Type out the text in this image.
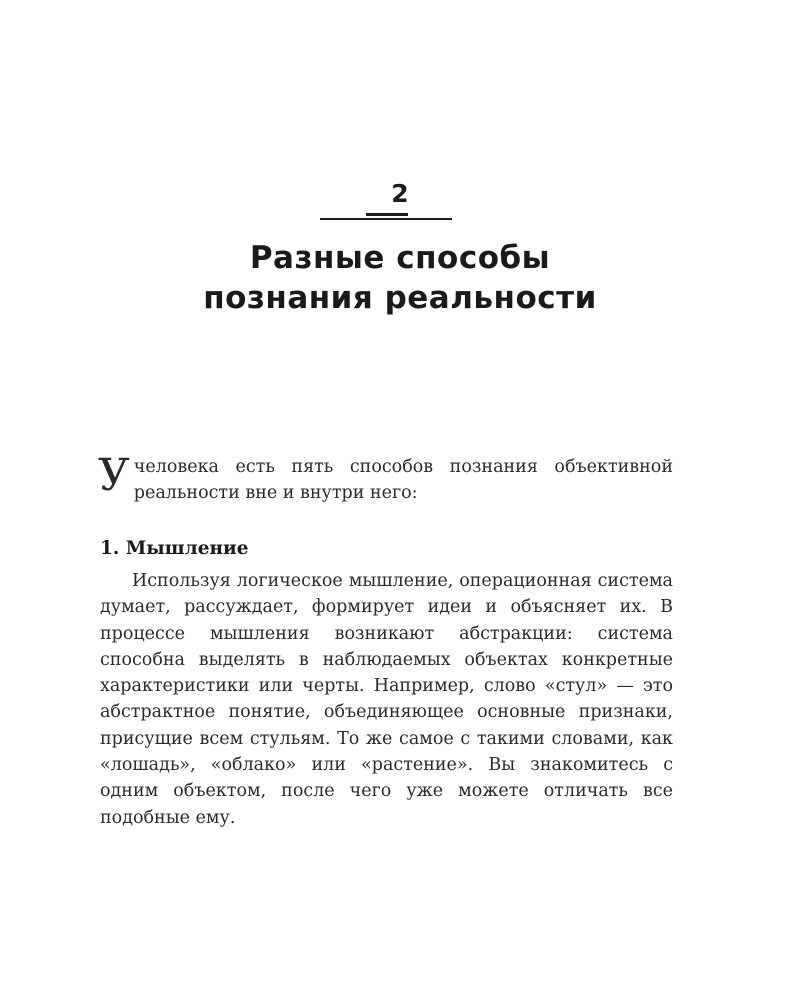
2
Разные способы
познания реальности
У человека есть пять способов познания объективной реальности вне и внутри него:
1. Мышление
Используя логическое мышление, операционная система думает, рассуждает, формирует идеи и объясняет их. В процессе мышления возникают абстракции: система способна выделять в наблюдаемых объектах конкретные характеристики или черты. Например, слово «стул» — это абстрактное понятие, объединяющее основные признаки, присущие всем стульям. То же самое с такими словами, как «лошадь», «облако» или «растение». Вы знакомитесь с одним объектом, после чего уже можете отличать все подобные ему.
